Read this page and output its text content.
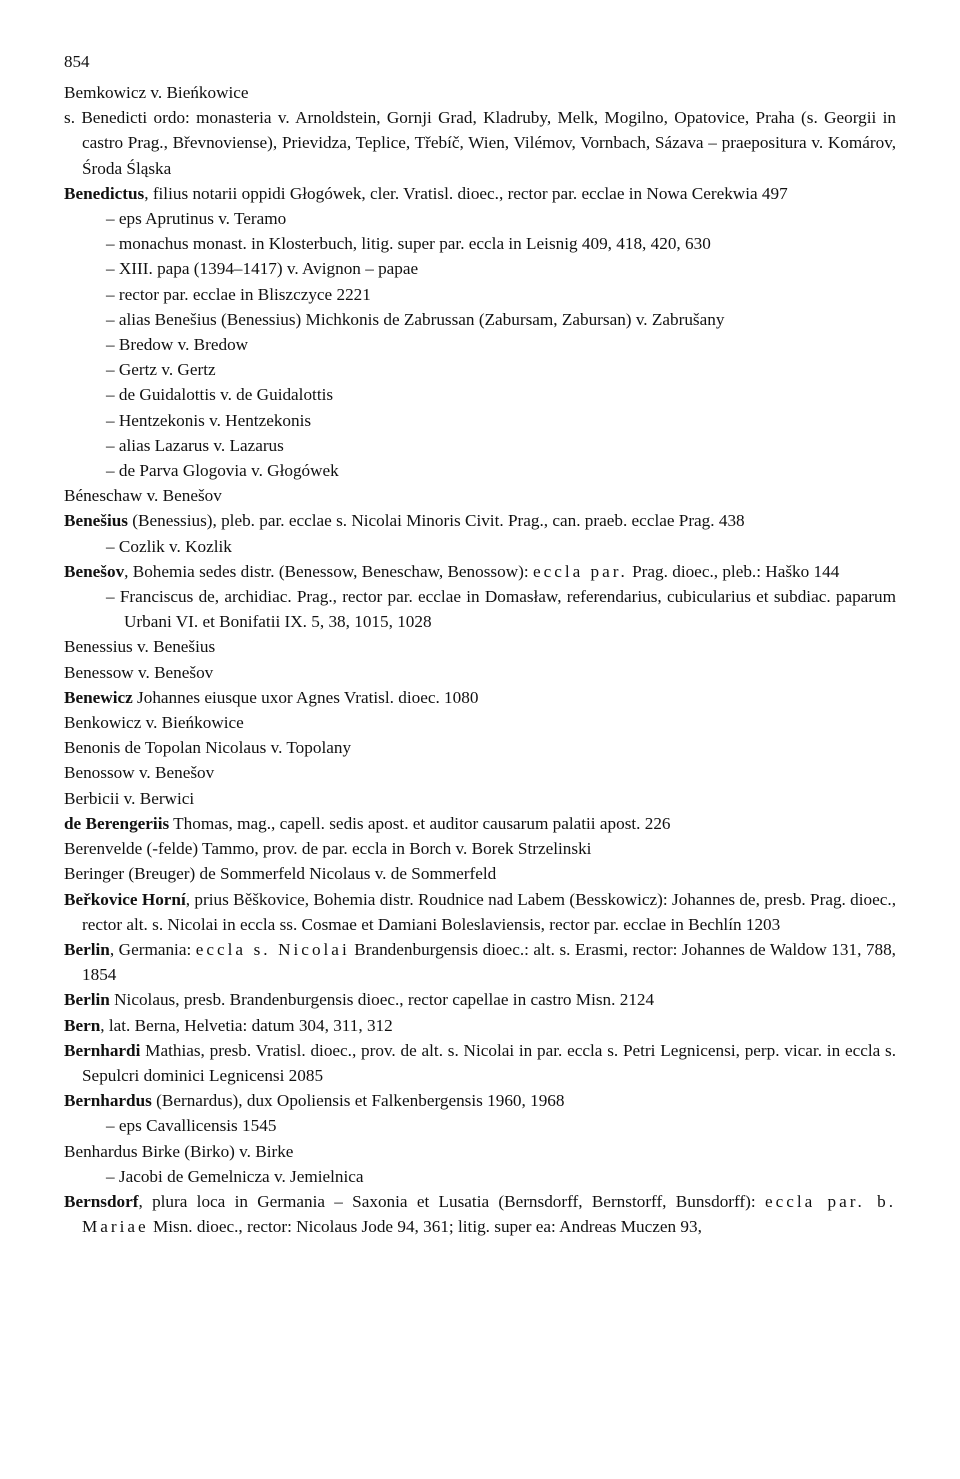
854

Bemkowicz v. Bieńkowice

s. Benedicti ordo: monasteria v. Arnoldstein, Gornji Grad, Kladruby, Melk, Mogilno, Opatovice, Praha (s. Georgii in castro Prag., Břevnoviense), Prievidza, Teplice, Třebíč, Wien, Vilémov, Vornbach, Sázava – praepositura v. Komárov, Środa Śląska

Benedictus, filius notarii oppidi Głogówek, cler. Vratisl. dioec., rector par. ecclae in Nowa Cerekwia 497

– eps Aprutinus v. Teramo

– monachus monast. in Klosterbuch, litig. super par. eccla in Leisnig 409, 418, 420, 630

– XIII. papa (1394–1417) v. Avignon – papae

– rector par. ecclae in Bliszczyce 2221

– alias Benešius (Benessius) Michkonis de Zabrussan (Zabursam, Zabursan) v. Zabrušany

– Bredow v. Bredow

– Gertz v. Gertz

– de Guidalottis v. de Guidalottis

– Hentzekonis v. Hentzekonis

– alias Lazarus v. Lazarus

– de Parva Glogovia v. Głogówek

Béneschaw v. Benešov

Benešius (Benessius), pleb. par. ecclae s. Nicolai Minoris Civit. Prag., can. praeb. ecclae Prag. 438

– Cozlik v. Kozlik

Benešov, Bohemia sedes distr. (Benessow, Beneschaw, Benossow): eccla par. Prag. dioec., pleb.: Haško 144

– Franciscus de, archidiac. Prag., rector par. ecclae in Domasław, referendarius, cubicularius et subdiac. paparum Urbani VI. et Bonifatii IX. 5, 38, 1015, 1028

Benessius v. Benešius

Benessow v. Benešov

Benewicz Johannes eiusque uxor Agnes Vratisl. dioec. 1080

Benkowicz v. Bieńkowice

Benonis de Topolan Nicolaus v. Topolany

Benossow v. Benešov

Berbicii v. Berwici

de Berengeriis Thomas, mag., capell. sedis apost. et auditor causarum palatii apost. 226

Berenvelde (-felde) Tammo, prov. de par. eccla in Borch v. Borek Strzelinski

Beringer (Breuger) de Sommerfeld Nicolaus v. de Sommerfeld

Beřkovice Horní, prius Běškovice, Bohemia distr. Roudnice nad Labem (Besskowicz): Johannes de, presb. Prag. dioec., rector alt. s. Nicolai in eccla ss. Cosmae et Damiani Boleslaviensis, rector par. ecclae in Bechlín 1203

Berlin, Germania: eccla s. Nicolai Brandenburgensis dioec.: alt. s. Erasmi, rector: Johannes de Waldow 131, 788, 1854

Berlin Nicolaus, presb. Brandenburgensis dioec., rector capellae in castro Misn. 2124

Bern, lat. Berna, Helvetia: datum 304, 311, 312

Bernhardi Mathias, presb. Vratisl. dioec., prov. de alt. s. Nicolai in par. eccla s. Petri Legnicensi, perp. vicar. in eccla s. Sepulcri dominici Legnicensi 2085

Bernhardus (Bernardus), dux Opoliensis et Falkenbergensis 1960, 1968

– eps Cavallicensis 1545

Benhardus Birke (Birko) v. Birke

– Jacobi de Gemelnicza v. Jemielnica

Bernsdorf, plura loca in Germania – Saxonia et Lusatia (Bernsdorff, Bernstorff, Bunsdorff): eccla par. b. Mariae Misn. dioec., rector: Nicolaus Jode 94, 361; litig. super ea: Andreas Muczen 93,
